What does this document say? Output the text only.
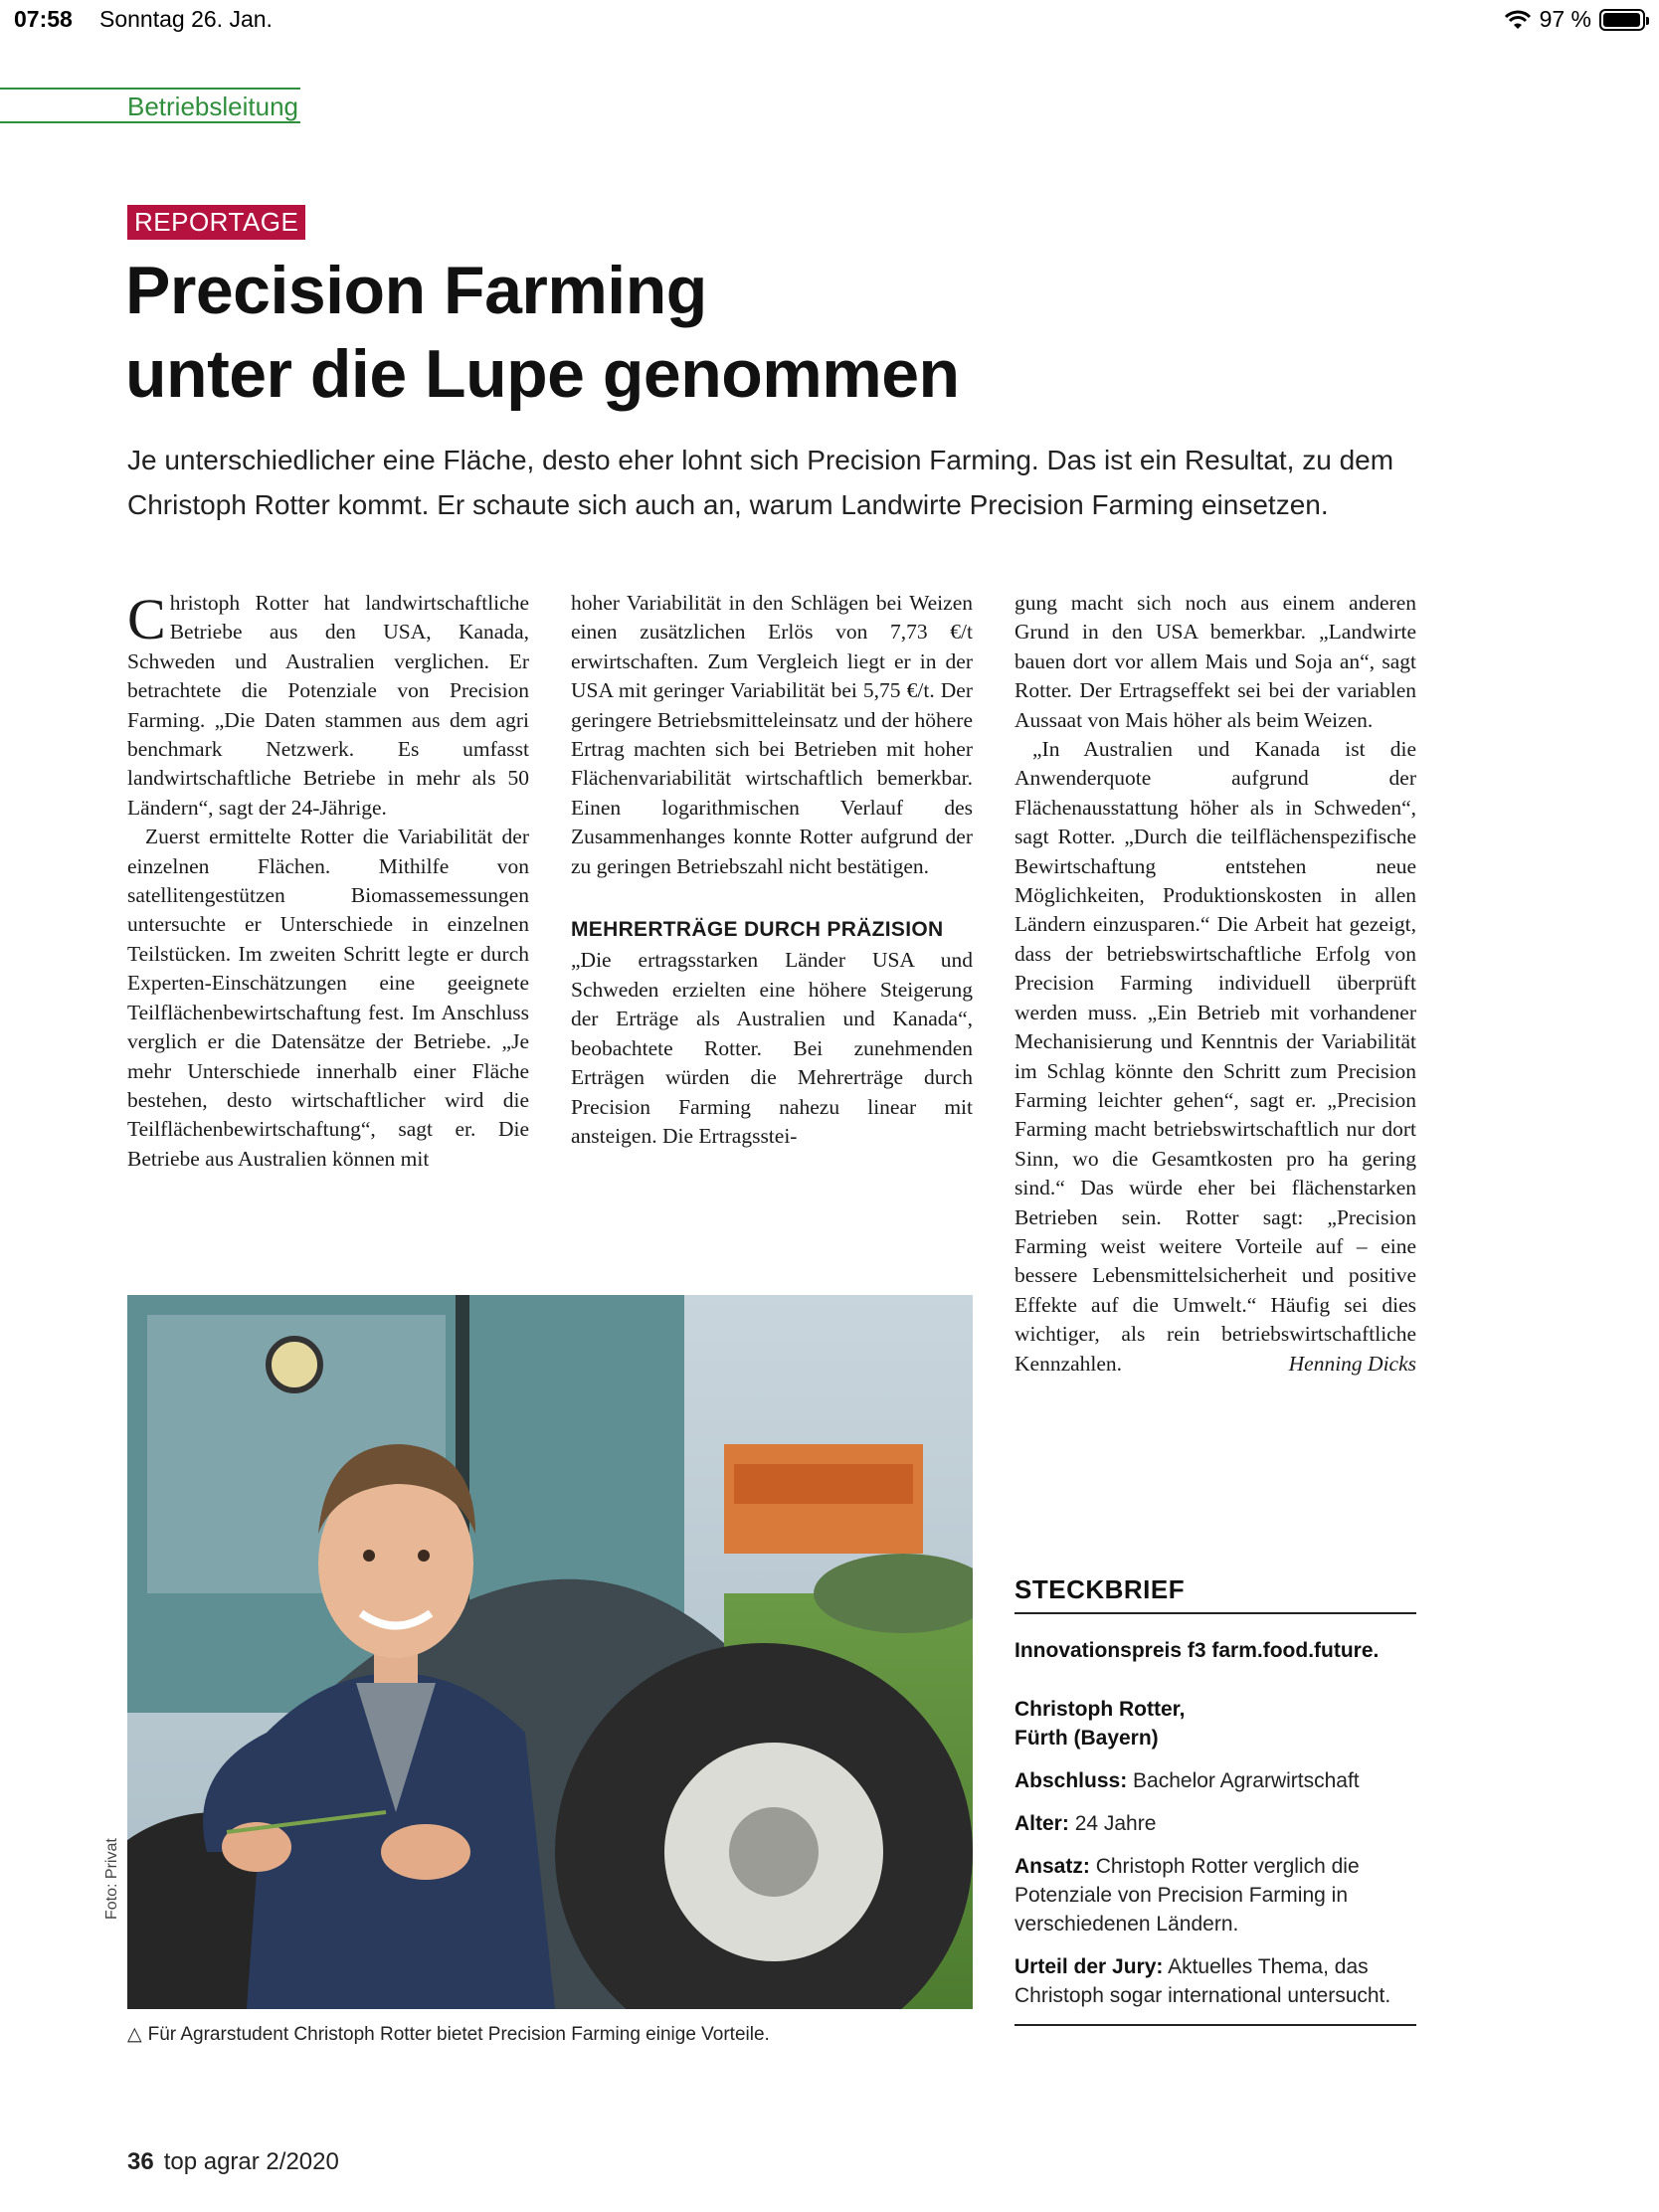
07:58 Sonntag 26. Jan.	97 %
Betriebsleitung
REPORTAGE
Precision Farming
unter die Lupe genommen

Je unterschiedlicher eine Fläche, desto eher lohnt sich Precision Farming. Das ist ein Resultat, zu dem Christoph Rotter kommt. Er schaute sich auch an, warum Landwirte Precision Farming einsetzen.

Christoph Rotter hat landwirtschaftliche Betriebe aus den USA, Kanada, Schweden und Australien verglichen. Er betrachtete die Potenziale von Precision Farming. „Die Daten stammen aus dem agri benchmark Netzwerk. Es umfasst landwirtschaftliche Betriebe in mehr als 50 Ländern“, sagt der 24-Jährige.

Zuerst ermittelte Rotter die Variabilität der einzelnen Flächen. Mithilfe von satellitengestützen Biomassemessungen untersuchte er Unterschiede in einzelnen Teilstücken. Im zweiten Schritt legte er durch Experten-Einschätzungen eine geeignete Teilflächenbewirtschaftung fest. Im Anschluss verglich er die Datensätze der Betriebe. „Je mehr Unterschiede innerhalb einer Fläche bestehen, desto wirtschaftlicher wird die Teilflächenbewirtschaftung“, sagt er. Die Betriebe aus Australien können mit

hoher Variabilität in den Schlägen bei Weizen einen zusätzlichen Erlös von 7,73 €/t erwirtschaften. Zum Vergleich liegt er in der USA mit geringer Variabilität bei 5,75 €/t. Der geringere Betriebsmitteleinsatz und der höhere Ertrag machten sich bei Betrieben mit hoher Flächenvariabilität wirtschaftlich bemerkbar. Einen logarithmischen Verlauf des Zusammenhanges konnte Rotter aufgrund der zu geringen Betriebszahl nicht bestätigen.

MEHRERTRÄGE DURCH PRÄZISION

„Die ertragsstarken Länder USA und Schweden erzielten eine höhere Steigerung der Erträge als Australien und Kanada“, beobachtete Rotter. Bei zunehmenden Erträgen würden die Mehrerträge durch Precision Farming nahezu linear mit ansteigen. Die Ertragsstei-

gung macht sich noch aus einem anderen Grund in den USA bemerkbar. „Landwirte bauen dort vor allem Mais und Soja an“, sagt Rotter. Der Ertragseffekt sei bei der variablen Aussaat von Mais höher als beim Weizen.

„In Australien und Kanada ist die Anwenderquote aufgrund der Flächenausstattung höher als in Schweden“, sagt Rotter. „Durch die teilflächenspezifische Bewirtschaftung entstehen neue Möglichkeiten, Produktionskosten in allen Ländern einzusparen.“ Die Arbeit hat gezeigt, dass der betriebswirtschaftliche Erfolg von Precision Farming individuell überprüft werden muss. „Ein Betrieb mit vorhandener Mechanisierung und Kenntnis der Variabilität im Schlag könnte den Schritt zum Precision Farming leichter gehen“, sagt er. „Precision Farming macht betriebswirtschaftlich nur dort Sinn, wo die Gesamtkosten pro ha gering sind.“ Das würde eher bei flächenstarken Betrieben sein. Rotter sagt: „Precision Farming weist weitere Vorteile auf – eine bessere Lebensmittelsicherheit und positive Effekte auf die Umwelt.“ Häufig sei dies wichtiger, als rein betriebswirtschaftliche Kennzahlen.	Henning Dicks

Foto: Privat
△ Für Agrarstudent Christoph Rotter bietet Precision Farming einige Vorteile.
STECKBRIEF

Innovationspreis f3 farm.food.future.

Christoph Rotter,
Fürth (Bayern)

Abschluss: Bachelor Agrarwirtschaft

Alter: 24 Jahre

Ansatz: Christoph Rotter verglich die Potenziale von Precision Farming in verschiedenen Ländern.

Urteil der Jury: Aktuelles Thema, das Christoph sogar international untersucht.

36 top agrar 2/2020
